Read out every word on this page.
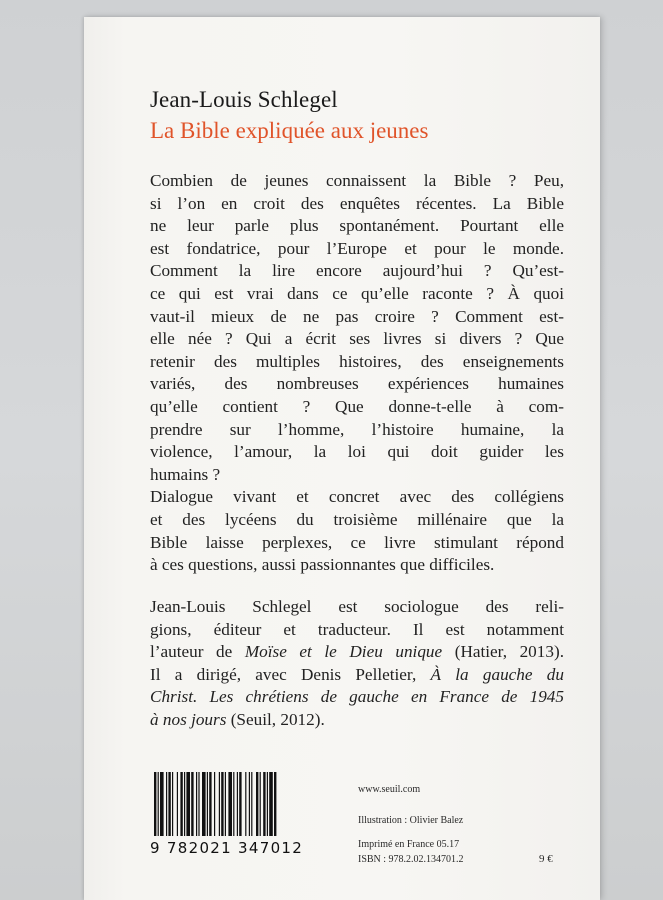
Jean-Louis Schlegel
La Bible expliquée aux jeunes
Combien de jeunes connaissent la Bible ? Peu,
si l’on en croit des enquêtes récentes. La Bible
ne leur parle plus spontanément. Pourtant elle
est fondatrice, pour l’Europe et pour le monde.
Comment la lire encore aujourd’hui ? Qu’est-
ce qui est vrai dans ce qu’elle raconte ? À quoi
vaut-il mieux de ne pas croire ? Comment est-
elle née ? Qui a écrit ses livres si divers ? Que
retenir des multiples histoires, des enseignements
variés, des nombreuses expériences humaines
qu’elle contient ? Que donne-t-elle à com-
prendre sur l’homme, l’histoire humaine, la
violence, l’amour, la loi qui doit guider les
humains ?
Dialogue vivant et concret avec des collégiens
et des lycéens du troisième millénaire que la
Bible laisse perplexes, ce livre stimulant répond
à ces questions, aussi passionnantes que difficiles.
Jean-Louis Schlegel est sociologue des reli-
gions, éditeur et traducteur. Il est notamment
l’auteur de Moïse et le Dieu unique (Hatier, 2013).
Il a dirigé, avec Denis Pelletier, À la gauche du
Christ. Les chrétiens de gauche en France de 1945
à nos jours (Seuil, 2012).
9 782021 347012
www.seuil.com
Illustration : Olivier Balez
Imprimé en France 05.17
ISBN : 978.2.02.134701.2	9 €
